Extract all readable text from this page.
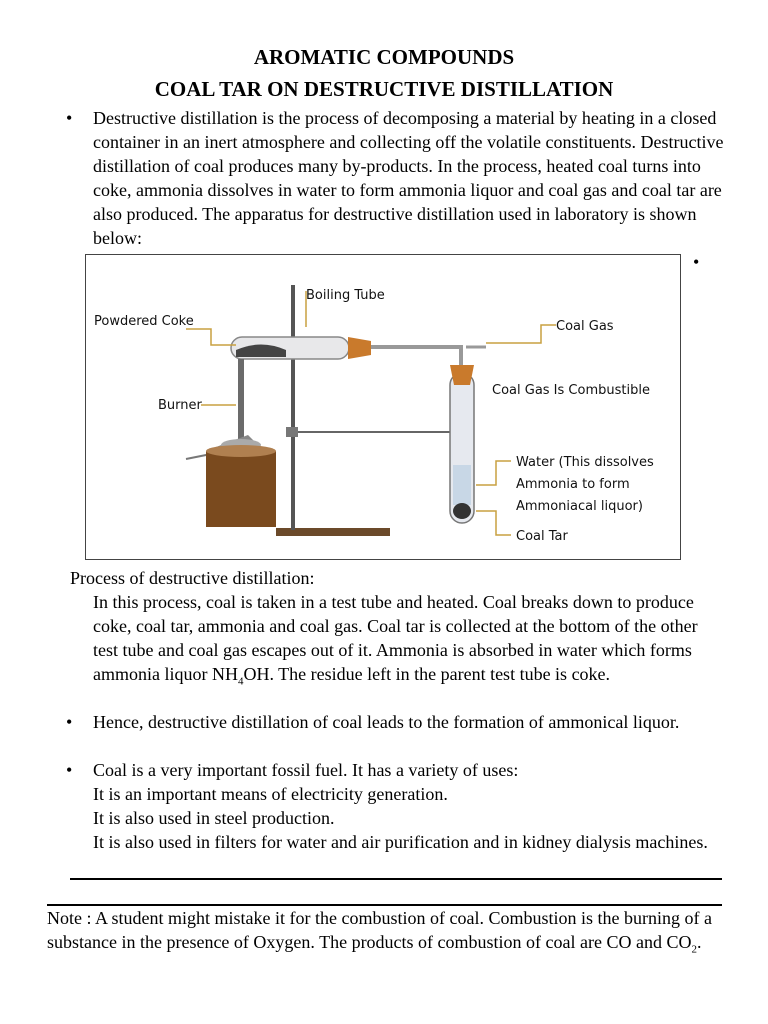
AROMATIC COMPOUNDS
COAL TAR ON DESTRUCTIVE DISTILLATION
•

Destructive distillation is the process of decomposing a material by heating in a closed container in an inert atmosphere and collecting off the volatile constituents. Destructive distillation of coal produces many by-products. In the process, heated coal turns into coke, ammonia dissolves in water to form ammonia liquor and coal gas and coal tar are also produced. The apparatus for destructive distillation used in laboratory is shown below:

•
Boiling Tube
Powdered Coke	Coal Gas
Coal Gas Is Combustible
Burner
Water (This dissolves
Ammonia to form
Ammoniacal liquor)
Coal Tar

Process of destructive distillation:

In this process, coal is taken in a test tube and heated. Coal breaks down to produce coke, coal tar, ammonia and coal gas. Coal tar is collected at the bottom of the other test tube and coal gas escapes out of it. Ammonia is absorbed in water which forms ammonia liquor $NH_4OH$. The residue left in the parent test tube is coke.

•

Hence, destructive distillation of coal leads to the formation of ammonical liquor.

•

Coal is a very important fossil fuel. It has a variety of uses:

It is an important means of electricity generation.

It is also used in steel production.

It is also used in filters for water and air purification and in kidney dialysis machines.

Note : A student might mistake it for the combustion of coal. Combustion is the burning of a substance in the presence of Oxygen. The products of combustion of coal are CO and $CO_2$.
